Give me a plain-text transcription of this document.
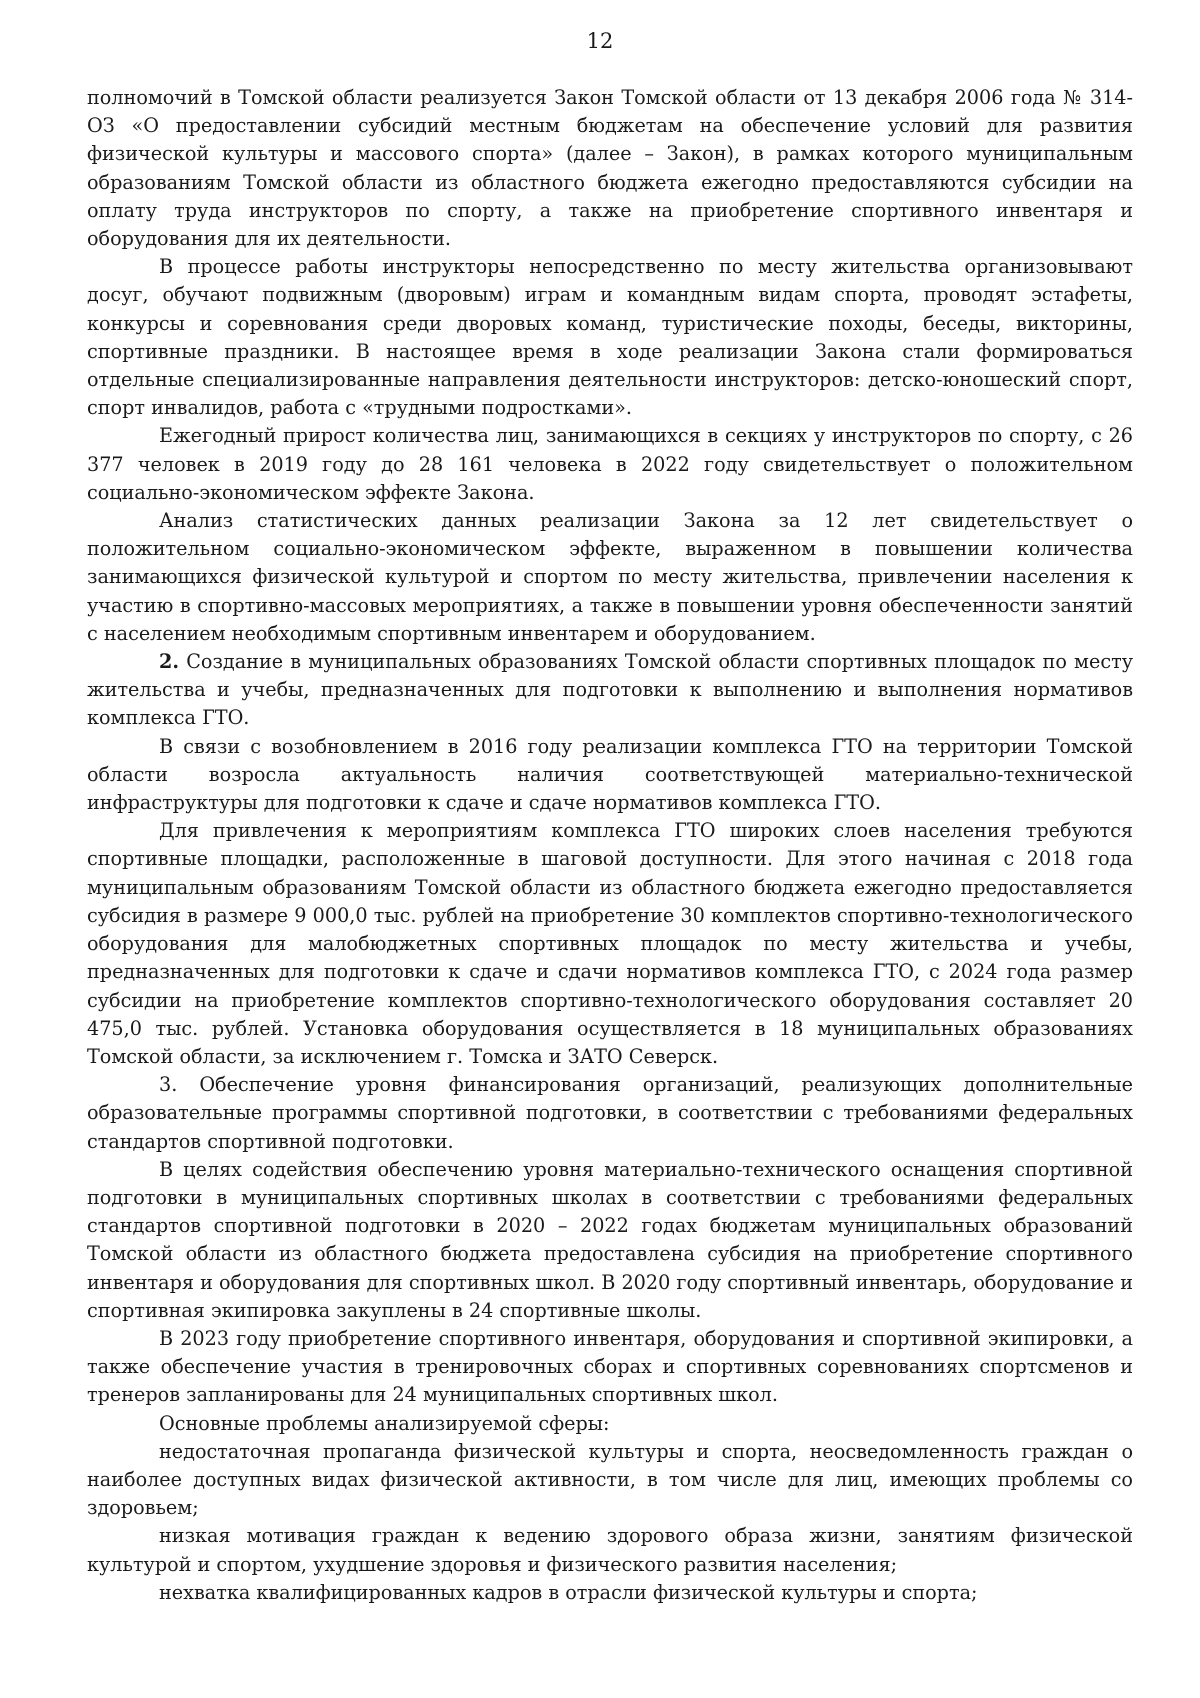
12

полномочий в Томской области реализуется Закон Томской области от 13 декабря 2006 года № 314-ОЗ «О предоставлении субсидий местным бюджетам на обеспечение условий для развития физической культуры и массового спорта» (далее – Закон), в рамках которого муниципальным образованиям Томской области из областного бюджета ежегодно предоставляются субсидии на оплату труда инструкторов по спорту, а также на приобретение спортивного инвентаря и оборудования для их деятельности.

В процессе работы инструкторы непосредственно по месту жительства организовывают досуг, обучают подвижным (дворовым) играм и командным видам спорта, проводят эстафеты, конкурсы и соревнования среди дворовых команд, туристические походы, беседы, викторины, спортивные праздники. В настоящее время в ходе реализации Закона стали формироваться отдельные специализированные направления деятельности инструкторов: детско-юношеский спорт, спорт инвалидов, работа с «трудными подростками».

Ежегодный прирост количества лиц, занимающихся в секциях у инструкторов по спорту, с 26 377 человек в 2019 году до 28 161 человека в 2022 году свидетельствует о положительном социально-экономическом эффекте Закона.

Анализ статистических данных реализации Закона за 12 лет свидетельствует о положительном социально-экономическом эффекте, выраженном в повышении количества занимающихся физической культурой и спортом по месту жительства, привлечении населения к участию в спортивно-массовых мероприятиях, а также в повышении уровня обеспеченности занятий с населением необходимым спортивным инвентарем и оборудованием.

2. Создание в муниципальных образованиях Томской области спортивных площадок по месту жительства и учебы, предназначенных для подготовки к выполнению и выполнения нормативов комплекса ГТО.

В связи с возобновлением в 2016 году реализации комплекса ГТО на территории Томской области возросла актуальность наличия соответствующей материально-технической инфраструктуры для подготовки к сдаче и сдаче нормативов комплекса ГТО.

Для привлечения к мероприятиям комплекса ГТО широких слоев населения требуются спортивные площадки, расположенные в шаговой доступности. Для этого начиная с 2018 года муниципальным образованиям Томской области из областного бюджета ежегодно предоставляется субсидия в размере 9 000,0 тыс. рублей на приобретение 30 комплектов спортивно-технологического оборудования для малобюджетных спортивных площадок по месту жительства и учебы, предназначенных для подготовки к сдаче и сдачи нормативов комплекса ГТО, с 2024 года размер субсидии на приобретение комплектов спортивно-технологического оборудования составляет 20 475,0 тыс. рублей. Установка оборудования осуществляется в 18 муниципальных образованиях Томской области, за исключением г. Томска и ЗАТО Северск.

3. Обеспечение уровня финансирования организаций, реализующих дополнительные образовательные программы спортивной подготовки, в соответствии с требованиями федеральных стандартов спортивной подготовки.

В целях содействия обеспечению уровня материально-технического оснащения спортивной подготовки в муниципальных спортивных школах в соответствии с требованиями федеральных стандартов спортивной подготовки в 2020 – 2022 годах бюджетам муниципальных образований Томской области из областного бюджета предоставлена субсидия на приобретение спортивного инвентаря и оборудования для спортивных школ. В 2020 году спортивный инвентарь, оборудование и спортивная экипировка закуплены в 24 спортивные школы.

В 2023 году приобретение спортивного инвентаря, оборудования и спортивной экипировки, а также обеспечение участия в тренировочных сборах и спортивных соревнованиях спортсменов и тренеров запланированы для 24 муниципальных спортивных школ.

Основные проблемы анализируемой сферы:

недостаточная пропаганда физической культуры и спорта, неосведомленность граждан о наиболее доступных видах физической активности, в том числе для лиц, имеющих проблемы со здоровьем;

низкая мотивация граждан к ведению здорового образа жизни, занятиям физической культурой и спортом, ухудшение здоровья и физического развития населения;

нехватка квалифицированных кадров в отрасли физической культуры и спорта;
